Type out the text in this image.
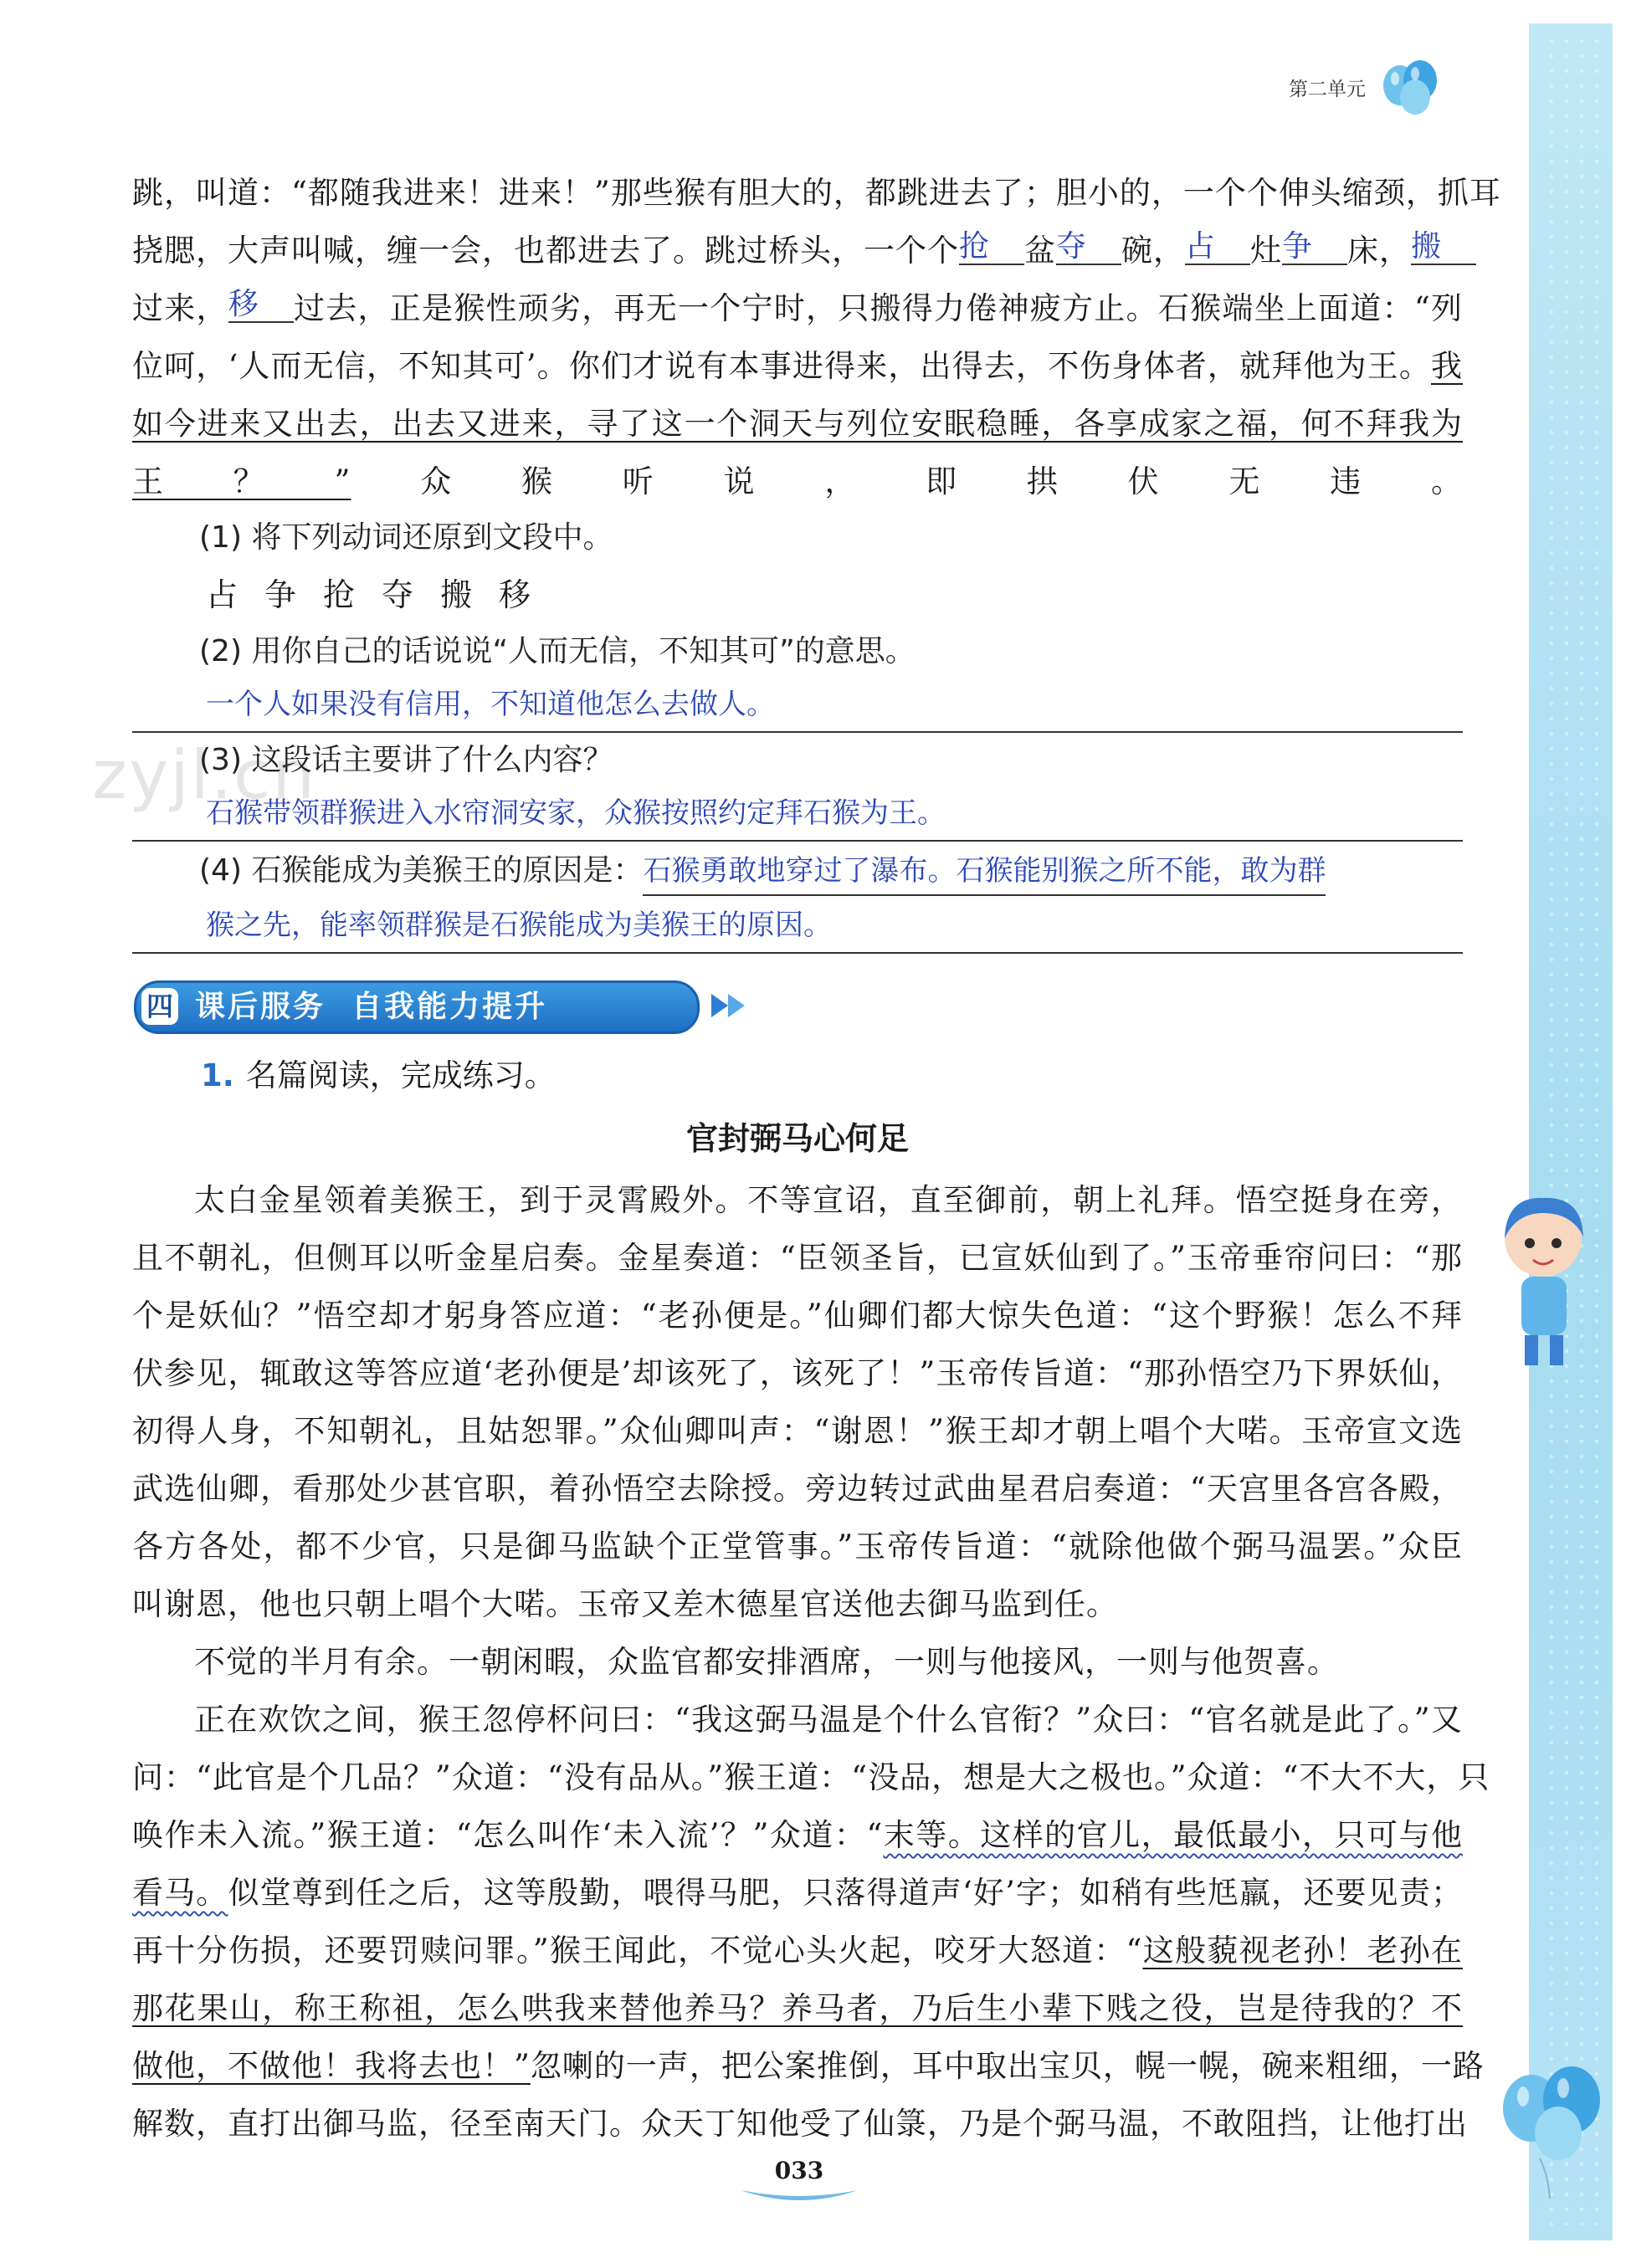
第二单元
zyjl.cn
跳，叫道：“都随我进来！进来！”那些猴有胆大的，都跳进去了；胆小的，一个个伸头缩颈，抓耳
挠腮，大声叫喊，缠一会，也都进去了。跳过桥头，一个个抢 盆夺 碗，占 灶争 床，搬
过来，移 过去，正是猴性顽劣，再无一个宁时，只搬得力倦神疲方止。石猴端坐上面道：“列
位呵，‘人而无信，不知其可’。你们才说有本事进得来，出得去，不伤身体者，就拜他为王。我
如今进来又出去，出去又进来，寻了这一个洞天与列位安眠稳睡，各享成家之福，何不拜我为
王？”众猴听说，即拱伏无违。
(1) 将下列动词还原到文段中。
占争抢夺搬移
(2) 用你自己的话说说“人而无信，不知其可”的意思。
一个人如果没有信用，不知道他怎么去做人。
(3) 这段话主要讲了什么内容？
石猴带领群猴进入水帘洞安家，众猴按照约定拜石猴为王。
(4) 石猴能成为美猴王的原因是：石猴勇敢地穿过了瀑布。石猴能别猴之所不能，敢为群
猴之先，能率领群猴是石猴能成为美猴王的原因。
四 课后服务  自我能力提升
1. 名篇阅读，完成练习。
官封弼马心何足
太白金星领着美猴王，到于灵霄殿外。不等宣诏，直至御前，朝上礼拜。悟空挺身在旁，
且不朝礼，但侧耳以听金星启奏。金星奏道：“臣领圣旨，已宣妖仙到了。”玉帝垂帘问曰：“那
个是妖仙？”悟空却才躬身答应道：“老孙便是。”仙卿们都大惊失色道：“这个野猴！怎么不拜
伏参见，辄敢这等答应道‘老孙便是’却该死了，该死了！”玉帝传旨道：“那孙悟空乃下界妖仙，
初得人身，不知朝礼，且姑恕罪。”众仙卿叫声：“谢恩！”猴王却才朝上唱个大喏。玉帝宣文选
武选仙卿，看那处少甚官职，着孙悟空去除授。旁边转过武曲星君启奏道：“天宫里各宫各殿，
各方各处，都不少官，只是御马监缺个正堂管事。”玉帝传旨道：“就除他做个弼马温罢。”众臣
叫谢恩，他也只朝上唱个大喏。玉帝又差木德星官送他去御马监到任。
不觉的半月有余。一朝闲暇，众监官都安排酒席，一则与他接风，一则与他贺喜。
正在欢饮之间，猴王忽停杯问曰：“我这弼马温是个什么官衔？”众曰：“官名就是此了。”又
问：“此官是个几品？”众道：“没有品从。”猴王道：“没品，想是大之极也。”众道：“不大不大，只
唤作未入流。”猴王道：“怎么叫作‘未入流’？”众道：“末等。这样的官儿，最低最小，只可与他
看马。似堂尊到任之后，这等殷勤，喂得马肥，只落得道声‘好’字；如稍有些尪羸，还要见责；
再十分伤损，还要罚赎问罪。”猴王闻此，不觉心头火起，咬牙大怒道：“这般藐视老孙！老孙在
那花果山，称王称祖，怎么哄我来替他养马？养马者，乃后生小辈下贱之役，岂是待我的？不
做他，不做他！我将去也！”忽喇的一声，把公案推倒，耳中取出宝贝，幌一幌，碗来粗细，一路
解数，直打出御马监，径至南天门。众天丁知他受了仙箓，乃是个弼马温，不敢阻挡，让他打出
033
